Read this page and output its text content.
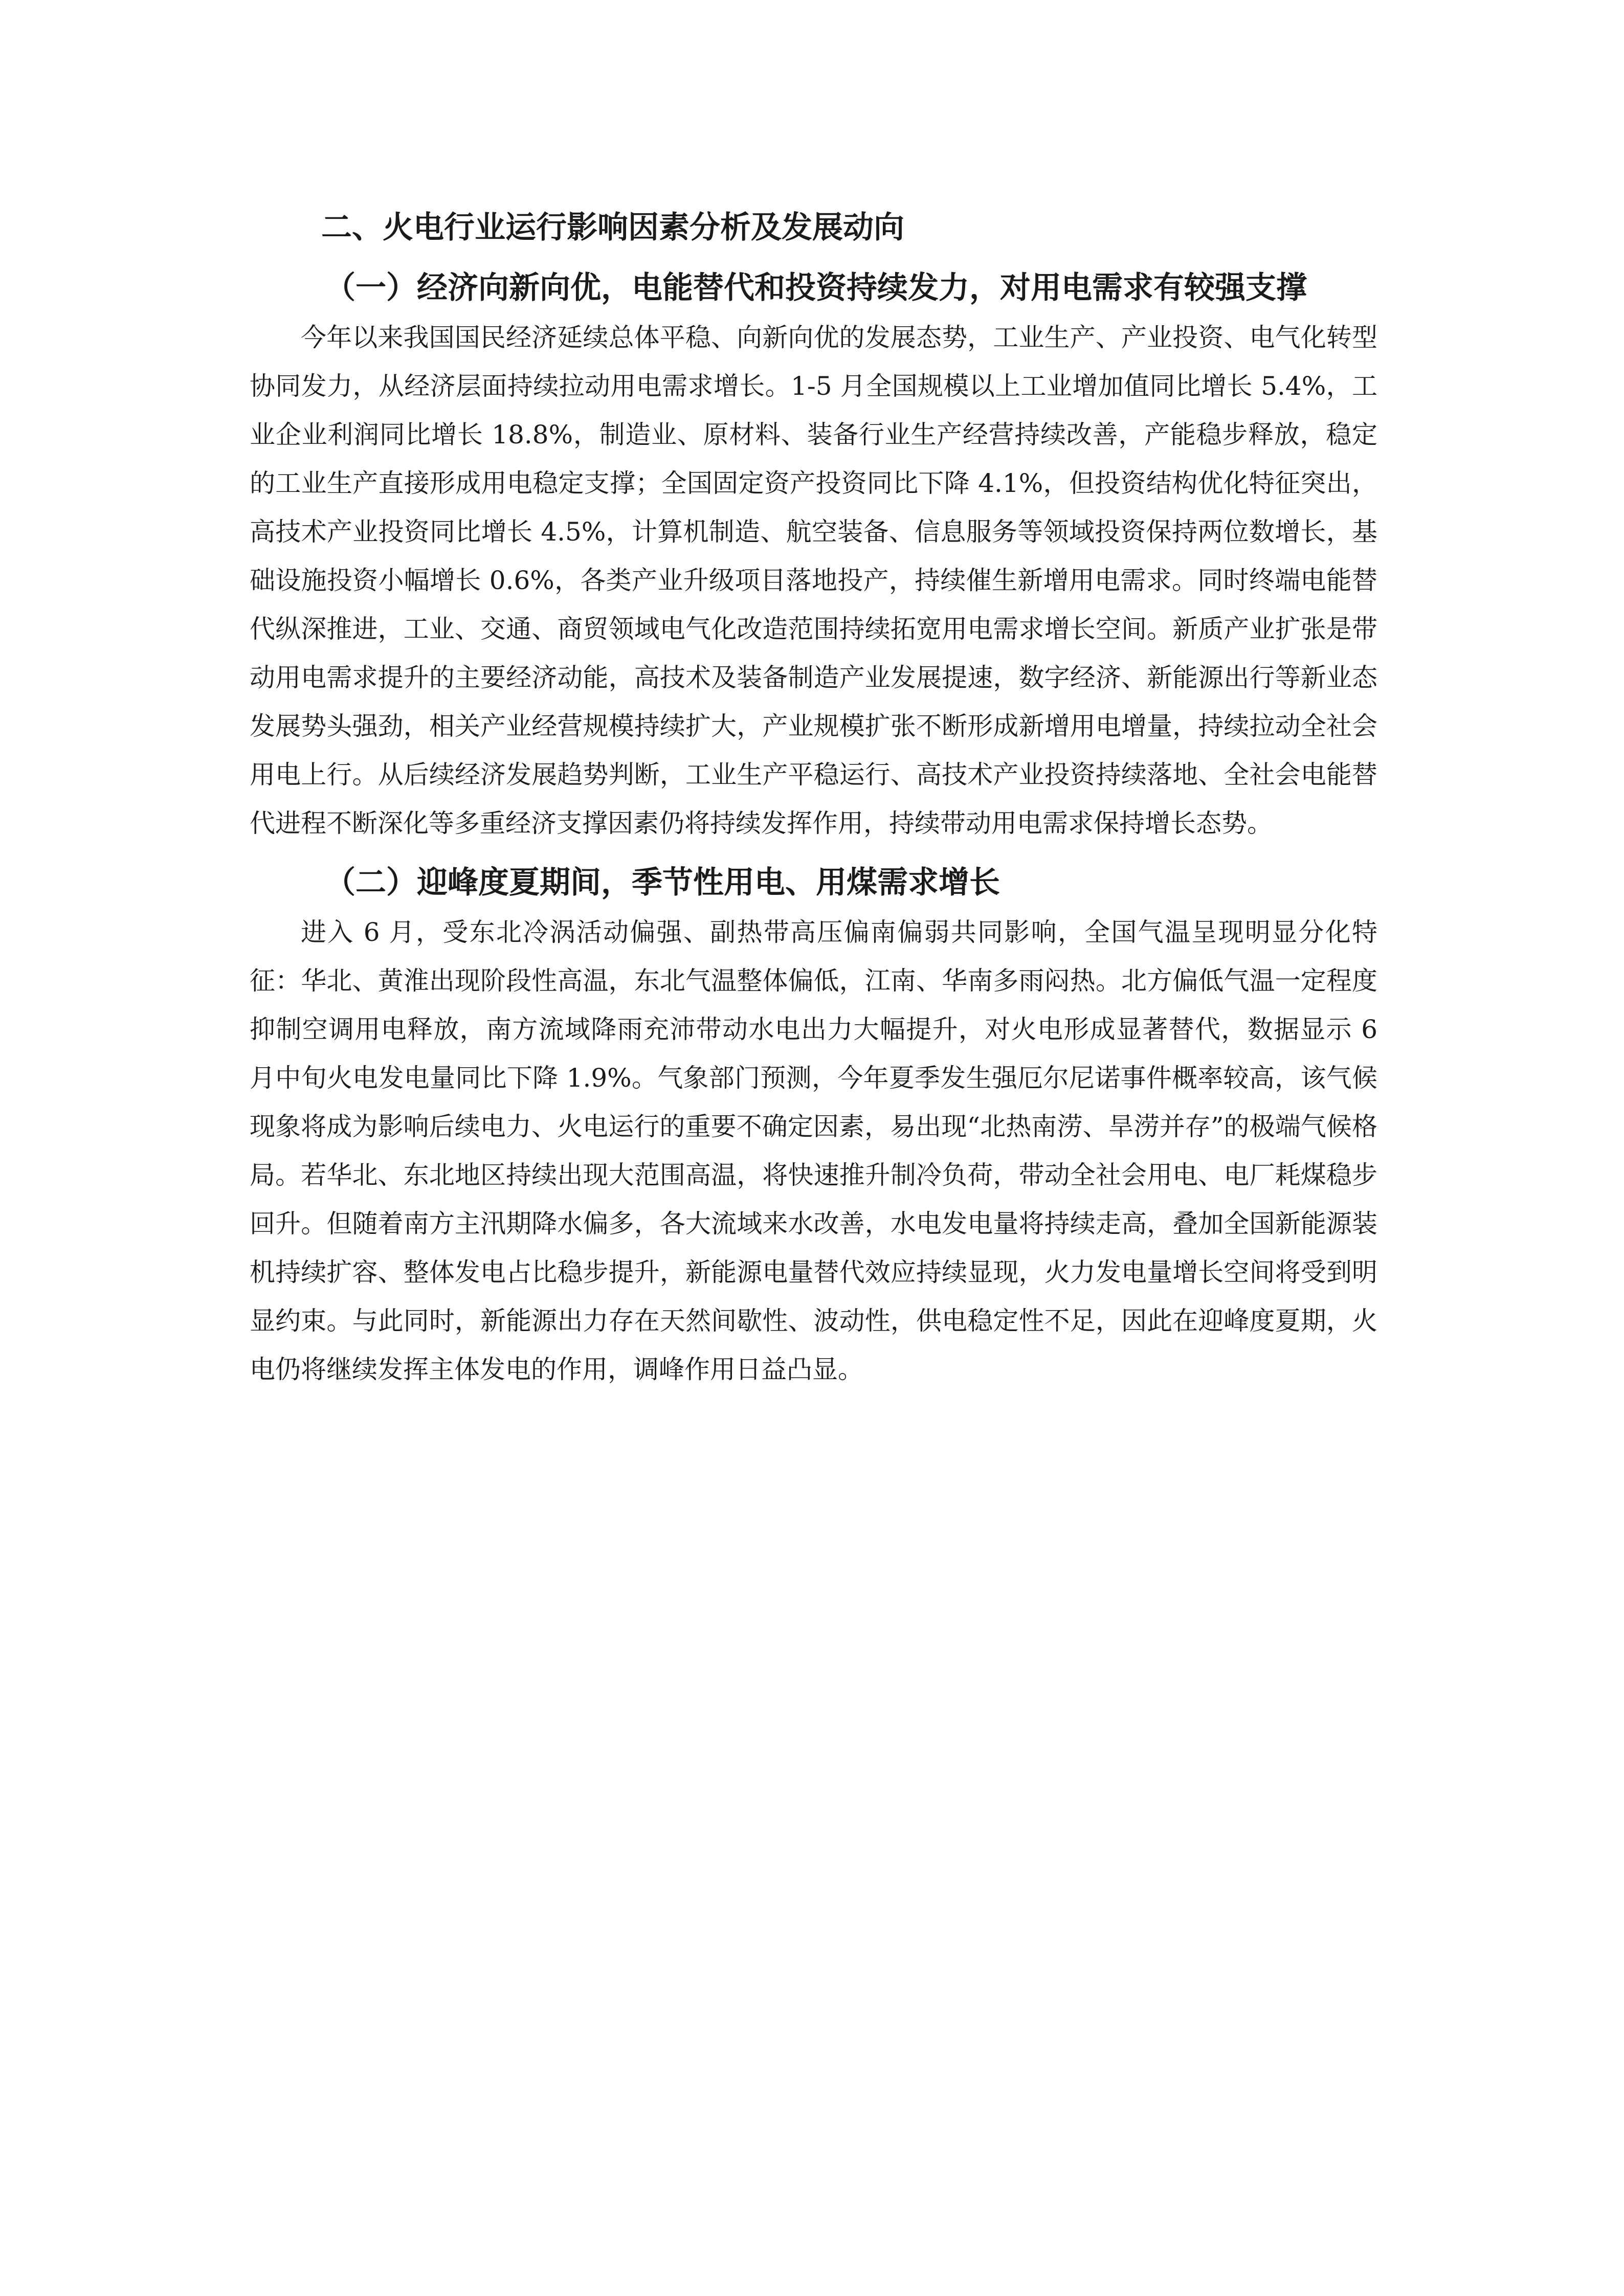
二、火电行业运行影响因素分析及发展动向
（一）经济向新向优，电能替代和投资持续发力，对用电需求有较强支撑

今年以来我国国民经济延续总体平稳、向新向优的发展态势，工业生产、产业投资、电气化转型协同发力，从经济层面持续拉动用电需求增长。1-5 月全国规模以上工业增加值同比增长 5.4%，工业企业利润同比增长 18.8%，制造业、原材料、装备行业生产经营持续改善，产能稳步释放，稳定的工业生产直接形成用电稳定支撑；全国固定资产投资同比下降 4.1%，但投资结构优化特征突出，高技术产业投资同比增长 4.5%，计算机制造、航空装备、信息服务等领域投资保持两位数增长，基础设施投资小幅增长 0.6%，各类产业升级项目落地投产，持续催生新增用电需求。同时终端电能替代纵深推进，工业、交通、商贸领域电气化改造范围持续拓宽用电需求增长空间。新质产业扩张是带动用电需求提升的主要经济动能，高技术及装备制造产业发展提速，数字经济、新能源出行等新业态发展势头强劲，相关产业经营规模持续扩大，产业规模扩张不断形成新增用电增量，持续拉动全社会用电上行。从后续经济发展趋势判断，工业生产平稳运行、高技术产业投资持续落地、全社会电能替代进程不断深化等多重经济支撑因素仍将持续发挥作用，持续带动用电需求保持增长态势。

（二）迎峰度夏期间，季节性用电、用煤需求增长

进入 6 月，受东北冷涡活动偏强、副热带高压偏南偏弱共同影响，全国气温呈现明显分化特征：华北、黄淮出现阶段性高温，东北气温整体偏低，江南、华南多雨闷热。北方偏低气温一定程度抑制空调用电释放，南方流域降雨充沛带动水电出力大幅提升，对火电形成显著替代，数据显示 6 月中旬火电发电量同比下降 1.9%。气象部门预测，今年夏季发生强厄尔尼诺事件概率较高，该气候现象将成为影响后续电力、火电运行的重要不确定因素，易出现“北热南涝、旱涝并存”的极端气候格局。若华北、东北地区持续出现大范围高温，将快速推升制冷负荷，带动全社会用电、电厂耗煤稳步回升。但随着南方主汛期降水偏多，各大流域来水改善，水电发电量将持续走高，叠加全国新能源装机持续扩容、整体发电占比稳步提升，新能源电量替代效应持续显现，火力发电量增长空间将受到明显约束。与此同时，新能源出力存在天然间歇性、波动性，供电稳定性不足，因此在迎峰度夏期，火电仍将继续发挥主体发电的作用，调峰作用日益凸显。
